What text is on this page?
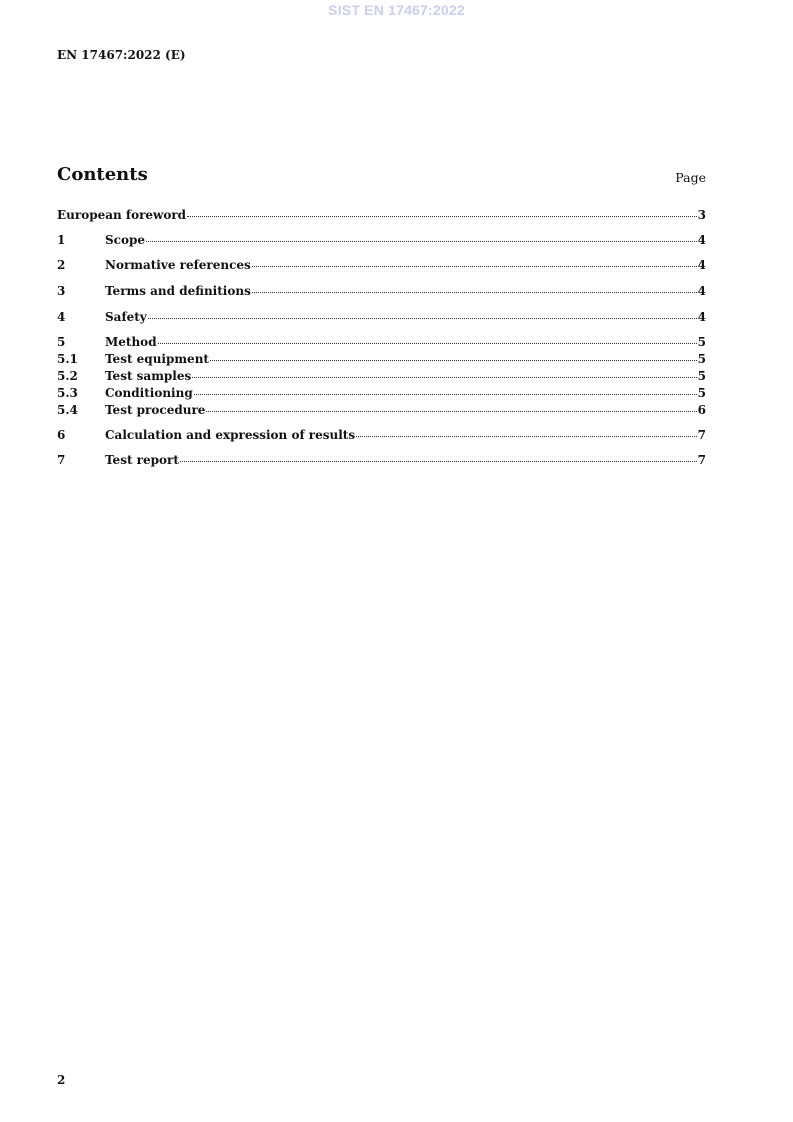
SIST EN 17467:2022
EN 17467:2022 (E)
Contents	Page
European foreword	3
1	Scope	4
2	Normative references	4
3	Terms and definitions	4
4	Safety	4
5	Method	5
5.1	Test equipment	5
5.2	Test samples	5
5.3	Conditioning	5
5.4	Test procedure	6
6	Calculation and expression of results	7
7	Test report	7
2
